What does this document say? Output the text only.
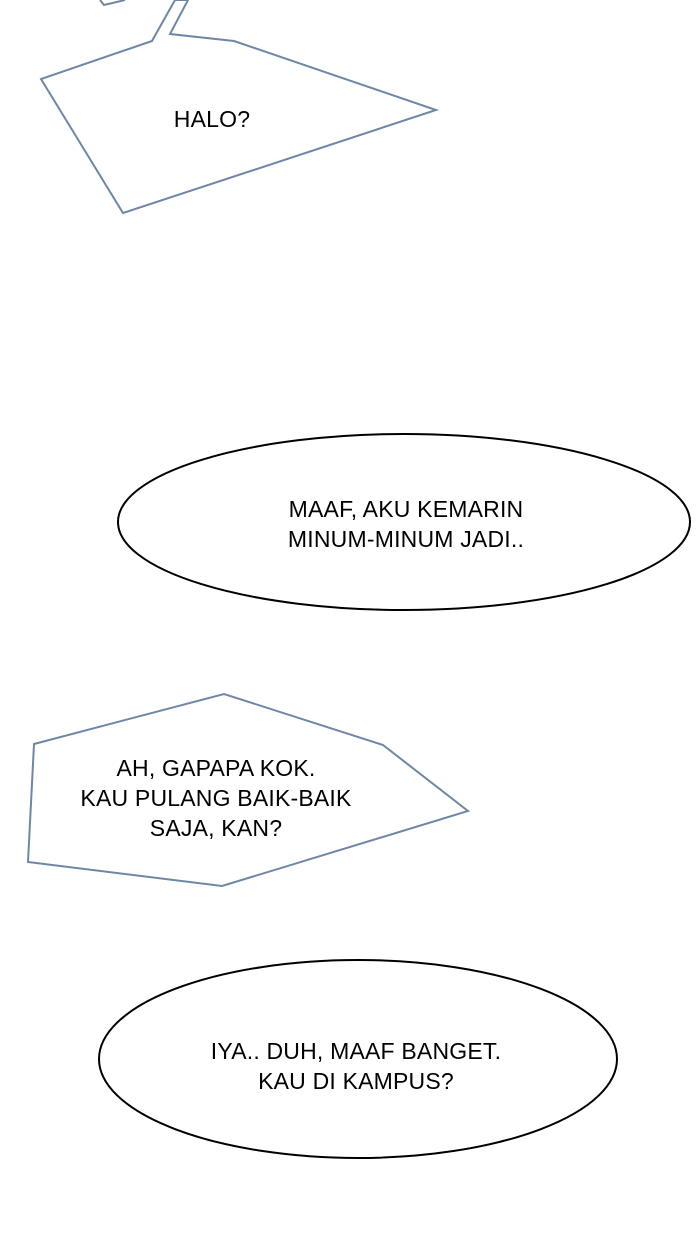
HALO?
MAAF, AKU KEMARIN
MINUM-MINUM JADI..
AH, GAPAPA KOK.
KAU PULANG BAIK-BAIK
SAJA, KAN?
IYA.. DUH, MAAF BANGET.
KAU DI KAMPUS?
